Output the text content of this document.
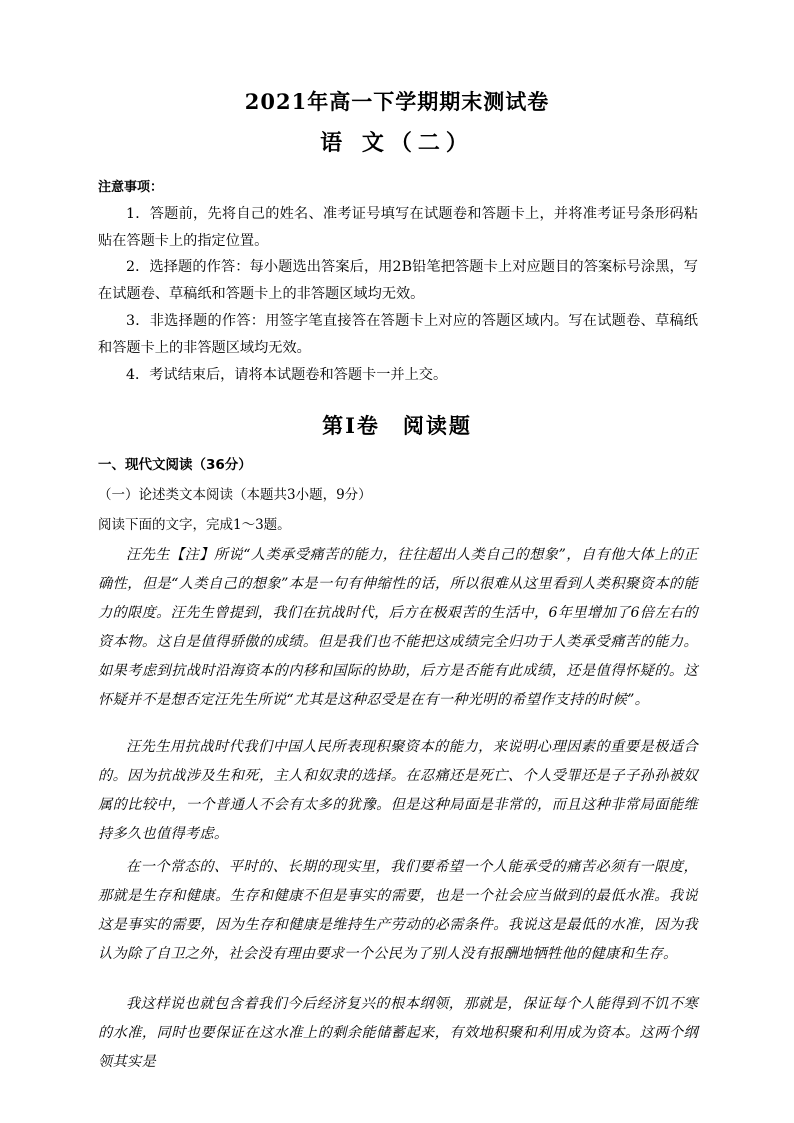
2021年高一下学期期末测试卷
语 文（二）
注意事项：
1．答题前，先将自己的姓名、准考证号填写在试题卷和答题卡上，并将准考证号条形码粘贴在答题卡上的指定位置。
2．选择题的作答：每小题选出答案后，用2B铅笔把答题卡上对应题目的答案标号涂黑，写在试题卷、草稿纸和答题卡上的非答题区域均无效。
3．非选择题的作答：用签字笔直接答在答题卡上对应的答题区域内。写在试题卷、草稿纸和答题卡上的非答题区域均无效。
4．考试结束后，请将本试题卷和答题卡一并上交。
第Ⅰ卷　阅读题
一、现代文阅读（36分）
（一）论述类文本阅读（本题共3小题，9分）
阅读下面的文字，完成1～3题。
汪先生【注】所说“人类承受痛苦的能力，往往超出人类自己的想象”，自有他大体上的正确性，但是“人类自己的想象”本是一句有伸缩性的话，所以很难从这里看到人类积聚资本的能力的限度。汪先生曾提到，我们在抗战时代，后方在极艰苦的生活中，6年里增加了6倍左右的资本物。这自是值得骄傲的成绩。但是我们也不能把这成绩完全归功于人类承受痛苦的能力。如果考虑到抗战时沿海资本的内移和国际的协助，后方是否能有此成绩，还是值得怀疑的。这怀疑并不是想否定汪先生所说“尤其是这种忍受是在有一种光明的希望作支持的时候”。
汪先生用抗战时代我们中国人民所表现积聚资本的能力，来说明心理因素的重要是极适合的。因为抗战涉及生和死，主人和奴隶的选择。在忍痛还是死亡、个人受罪还是子子孙孙被奴属的比较中，一个普通人不会有太多的犹豫。但是这种局面是非常的，而且这种非常局面能维持多久也值得考虑。
在一个常态的、平时的、长期的现实里，我们要希望一个人能承受的痛苦必须有一限度，那就是生存和健康。生存和健康不但是事实的需要，也是一个社会应当做到的最低水准。我说这是事实的需要，因为生存和健康是维持生产劳动的必需条件。我说这是最低的水准，因为我认为除了自卫之外，社会没有理由要求一个公民为了别人没有报酬地牺牲他的健康和生存。
我这样说也就包含着我们今后经济复兴的根本纲领，那就是，保证每个人能得到不饥不寒的水准，同时也要保证在这水准上的剩余能储蓄起来，有效地积聚和利用成为资本。这两个纲领其实是
